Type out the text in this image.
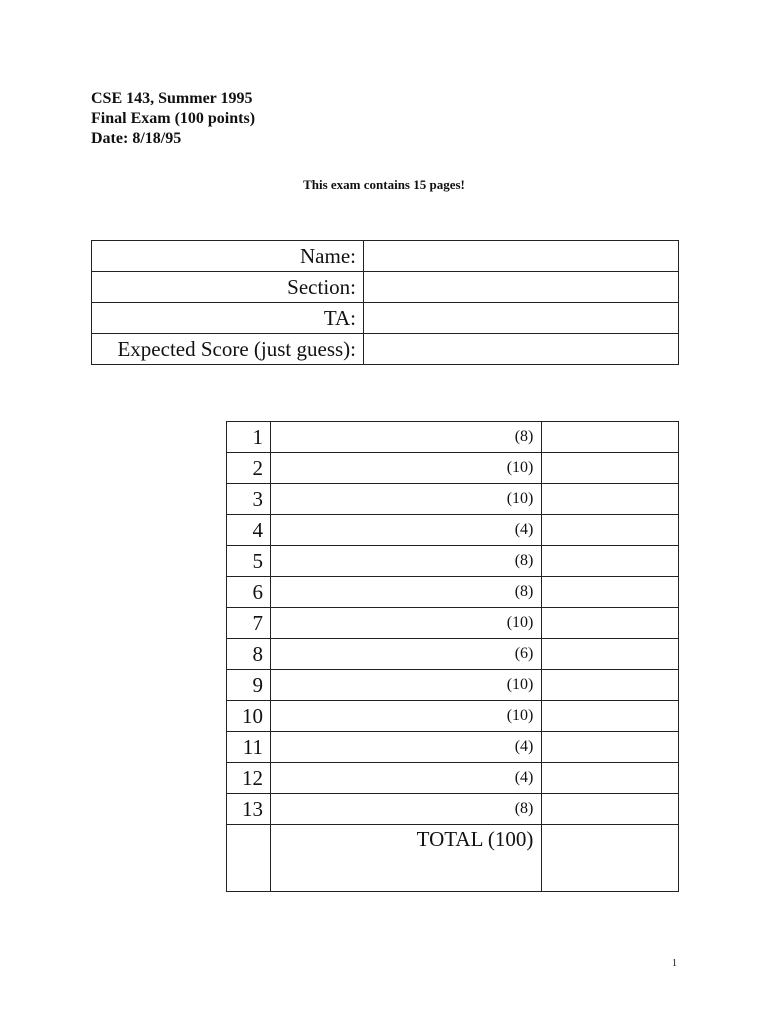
CSE 143, Summer 1995
Final Exam (100 points)
Date: 8/18/95
This exam contains 15 pages!
Name:	
Section:	
TA:	
Expected Score (just guess):	
1	(8)	
2	(10)	
3	(10)	
4	(4)	
5	(8)	
6	(8)	
7	(10)	
8	(6)	
9	(10)	
10	(10)	
11	(4)	
12	(4)	
13	(8)	
	TOTAL (100)	
1
